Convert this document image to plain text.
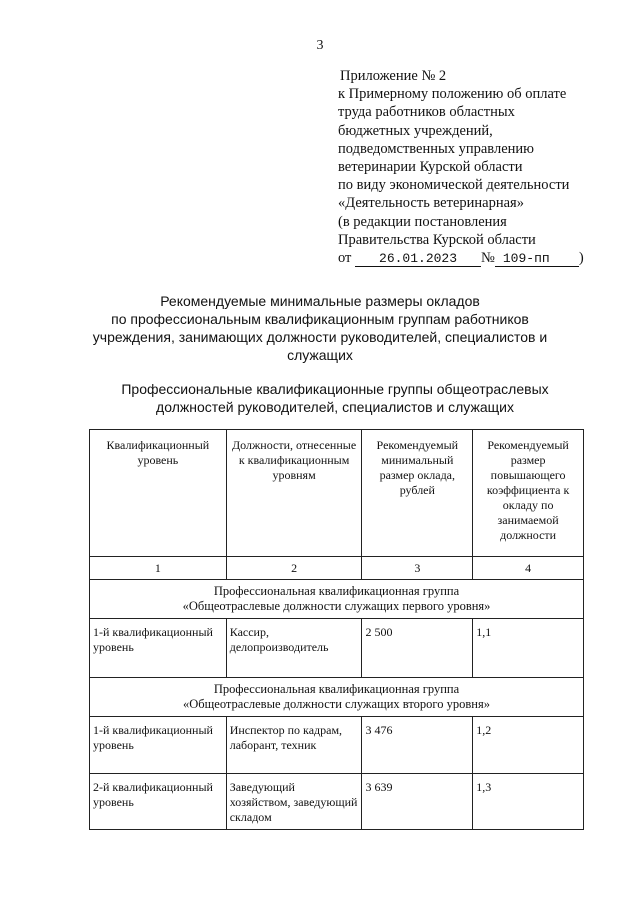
3
Приложение № 2
к Примерному положению об оплате
труда работников областных
бюджетных учреждений,
подведомственных управлению
ветеринарии Курской области
по виду экономической деятельности
«Деятельность ветеринарная»
(в редакции постановления
Правительства Курской области
от 26.01.2023 № 109-пп )
Рекомендуемые минимальные размеры окладов
по профессиональным квалификационным группам работников
учреждения, занимающих должности руководителей, специалистов и
служащих
Профессиональные квалификационные группы общеотраслевых
должностей руководителей, специалистов и служащих
Квалификационный уровень	Должности, отнесенные к квалификационным уровням	Рекомендуемый минимальный размер оклада, рублей	Рекомендуемый размер повышающего коэффициента к окладу по занимаемой должности
1	2	3	4

Профессиональная квалификационная группа
«Общеотраслевые должности служащих первого уровня»			

1-й квалификационный уровень	Кассир, делопроизводитель	2 500	1,1

Профессиональная квалификационная группа
«Общеотраслевые должности служащих второго уровня»			

1-й квалификационный уровень	Инспектор по кадрам, лаборант, техник	3 476	1,2
2-й квалификационный уровень	Заведующий хозяйством, заведующий складом	3 639	1,3
